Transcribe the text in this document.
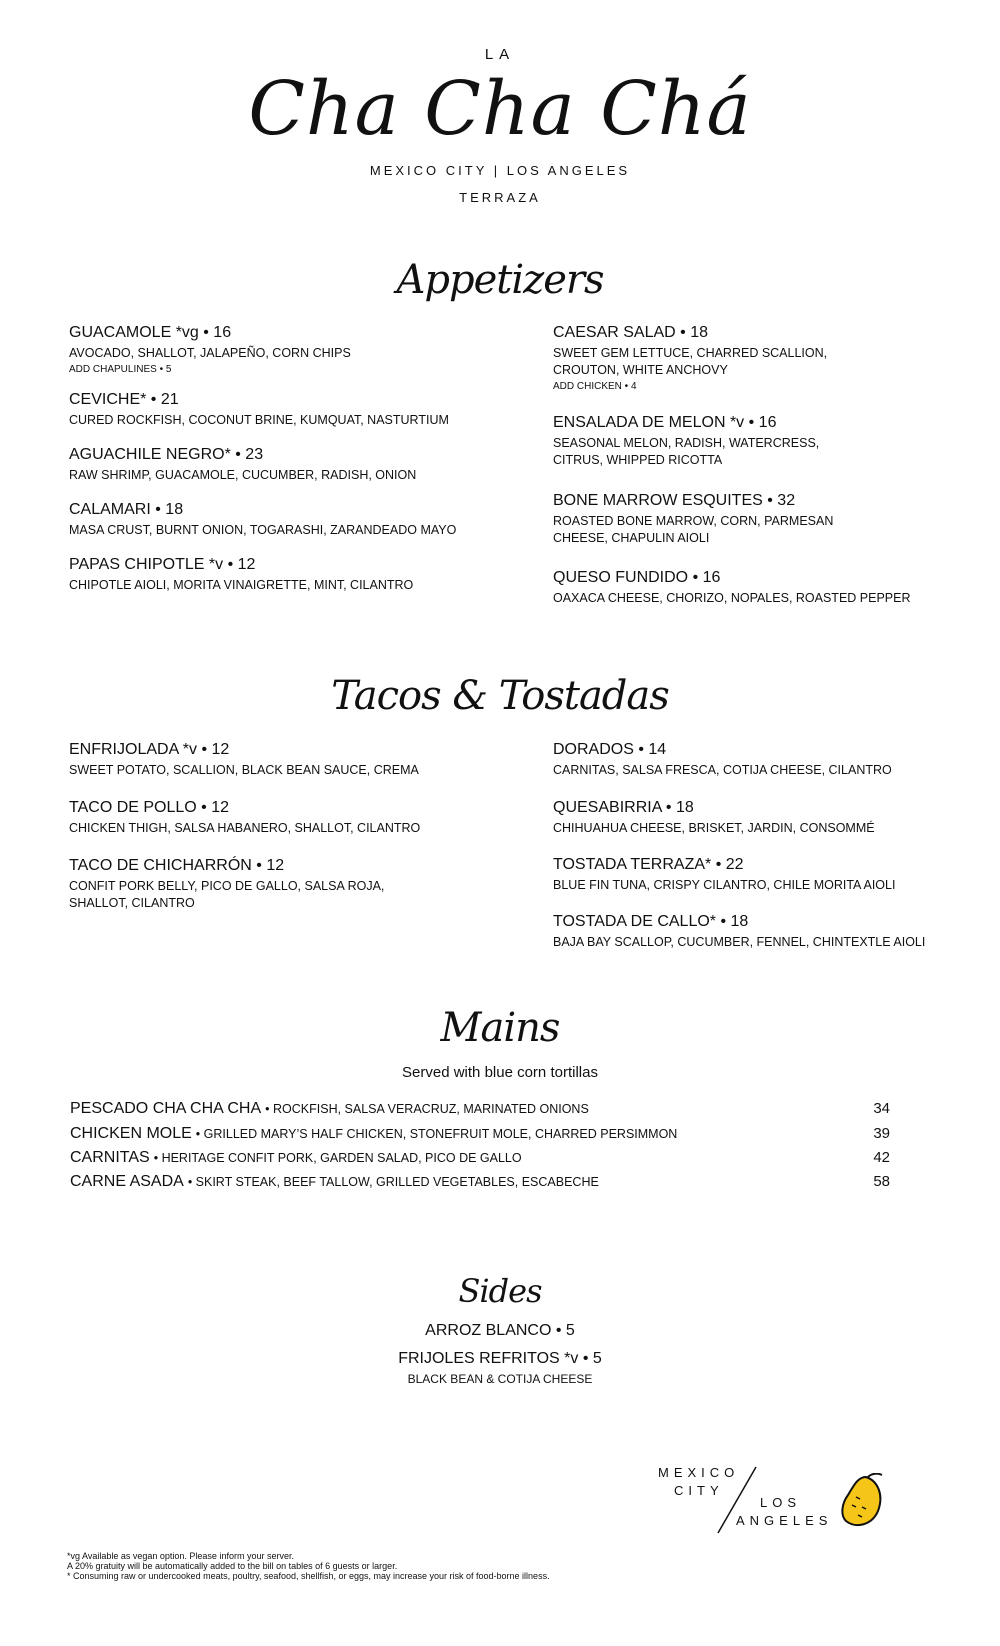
LA
Cha Cha Chá
MEXICO CITY | LOS ANGELES
TERRAZA
Appetizers
GUACAMOLE *vg • 16
AVOCADO, SHALLOT, JALAPEÑO, CORN CHIPS
ADD CHAPULINES • 5
CEVICHE* • 21
CURED ROCKFISH, COCONUT BRINE, KUMQUAT, NASTURTIUM
AGUACHILE NEGRO* • 23
RAW SHRIMP, GUACAMOLE, CUCUMBER, RADISH, ONION
CALAMARI • 18
MASA CRUST, BURNT ONION, TOGARASHI, ZARANDEADO MAYO
PAPAS CHIPOTLE *v • 12
CHIPOTLE AIOLI, MORITA VINAIGRETTE, MINT, CILANTRO
CAESAR SALAD • 18
SWEET GEM LETTUCE, CHARRED SCALLION, CROUTON, WHITE ANCHOVY
ADD CHICKEN • 4
ENSALADA DE MELON *v • 16
SEASONAL MELON, RADISH, WATERCRESS, CITRUS, WHIPPED RICOTTA
BONE MARROW ESQUITES • 32
ROASTED BONE MARROW, CORN, PARMESAN CHEESE, CHAPULIN AIOLI
QUESO FUNDIDO • 16
OAXACA CHEESE, CHORIZO, NOPALES, ROASTED PEPPER
Tacos & Tostadas
ENFRIJOLADA *v • 12
SWEET POTATO, SCALLION, BLACK BEAN SAUCE, CREMA
TACO DE POLLO • 12
CHICKEN THIGH, SALSA HABANERO, SHALLOT, CILANTRO
TACO DE CHICHARRÓN • 12
CONFIT PORK BELLY, PICO DE GALLO, SALSA ROJA, SHALLOT, CILANTRO
DORADOS • 14
CARNITAS, SALSA FRESCA, COTIJA CHEESE, CILANTRO
QUESABIRRIA • 18
CHIHUAHUA CHEESE, BRISKET, JARDIN, CONSOMMÉ
TOSTADA TERRAZA* • 22
BLUE FIN TUNA, CRISPY CILANTRO, CHILE MORITA AIOLI
TOSTADA DE CALLO* • 18
BAJA BAY SCALLOP, CUCUMBER, FENNEL, CHINTEXTLE AIOLI
Mains
Served with blue corn tortillas
PESCADO CHA CHA CHA • ROCKFISH, SALSA VERACRUZ, MARINATED ONIONS	34
CHICKEN MOLE • GRILLED MARY’S HALF CHICKEN, STONEFRUIT MOLE, CHARRED PERSIMMON	39
CARNITAS • HERITAGE CONFIT PORK, GARDEN SALAD, PICO DE GALLO	42
CARNE ASADA • SKIRT STEAK, BEEF TALLOW, GRILLED VEGETABLES, ESCABECHE	58
Sides
ARROZ BLANCO • 5
FRIJOLES REFRITOS *v • 5
BLACK BEAN & COTIJA CHEESE
MEXICO
CITY
LOS
ANGELES
*vg Available as vegan option. Please inform your server.
A 20% gratuity will be automatically added to the bill on tables of 6 guests or larger.
* Consuming raw or undercooked meats, poultry, seafood, shellfish, or eggs, may increase your risk of food-borne illness.
